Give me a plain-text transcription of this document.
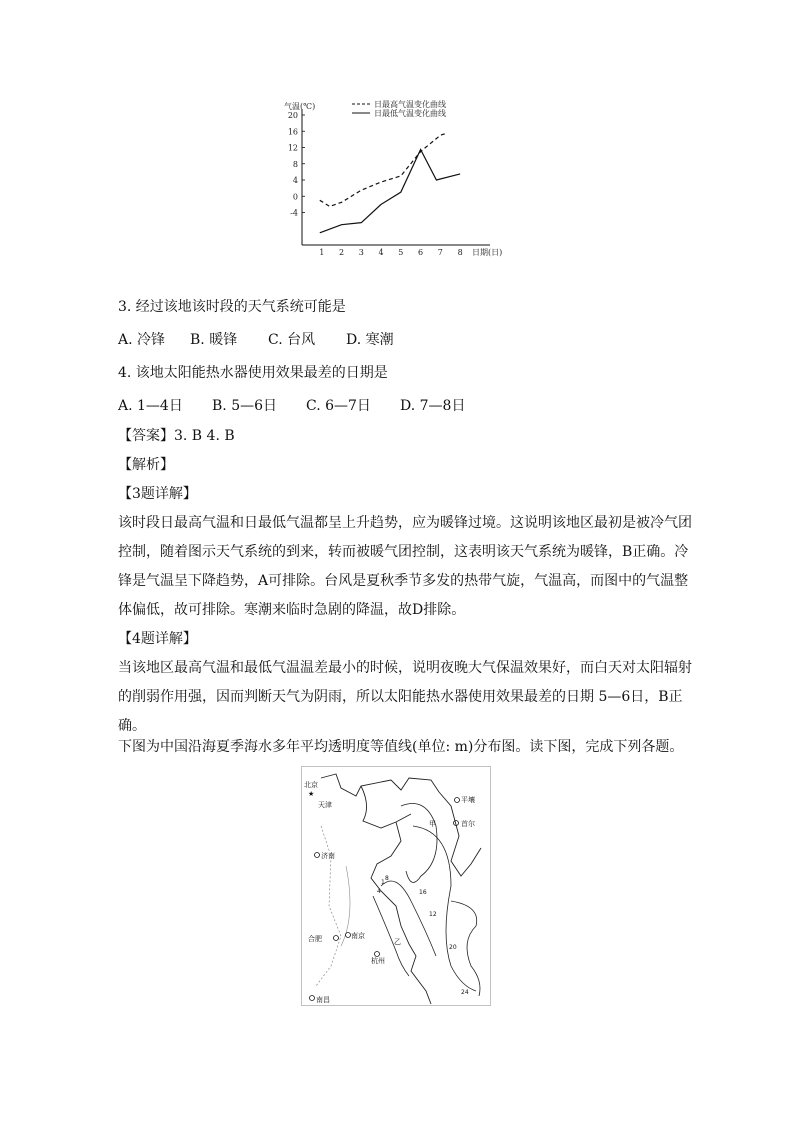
气温(℃)
日期(日)
20
16
12
8
4
0
-4
1 2 3 4 5 6 7 8
日最高气温变化曲线
日最低气温变化曲线
3. 经过该地该时段的天气系统可能是
A. 冷锋 B. 暖锋 C. 台风 D. 寒潮
4. 该地太阳能热水器使用效果最差的日期是
A. 1—4日 B. 5—6日 C. 6—7日 D. 7—8日
【答案】3. B 4. B
【解析】
【3题详解】
该时段日最高气温和日最低气温都呈上升趋势，应为暖锋过境。这说明该地区最初是被冷气团控制，随着图示天气系统的到来，转而被暖气团控制，这表明该天气系统为暖锋，B正确。冷锋是气温呈下降趋势，A可排除。台风是夏秋季节多发的热带气旋，气温高，而图中的气温整体偏低，故可排除。寒潮来临时急剧的降温，故D排除。
【4题详解】
当该地区最高气温和最低气温温差最小的时候，说明夜晚大气保温效果好，而白天对太阳辐射的削弱作用强，因而判断天气为阴雨，所以太阳能热水器使用效果最差的日期 5—6日，B正确。
下图为中国沿海夏季海水多年平均透明度等值线(单位: m)分布图。读下图，完成下列各题。
北京
★
天津
平壤
首尔
济南
合肥	南京
杭州
南昌
甲
乙
1
4
8
12
16
20
24
